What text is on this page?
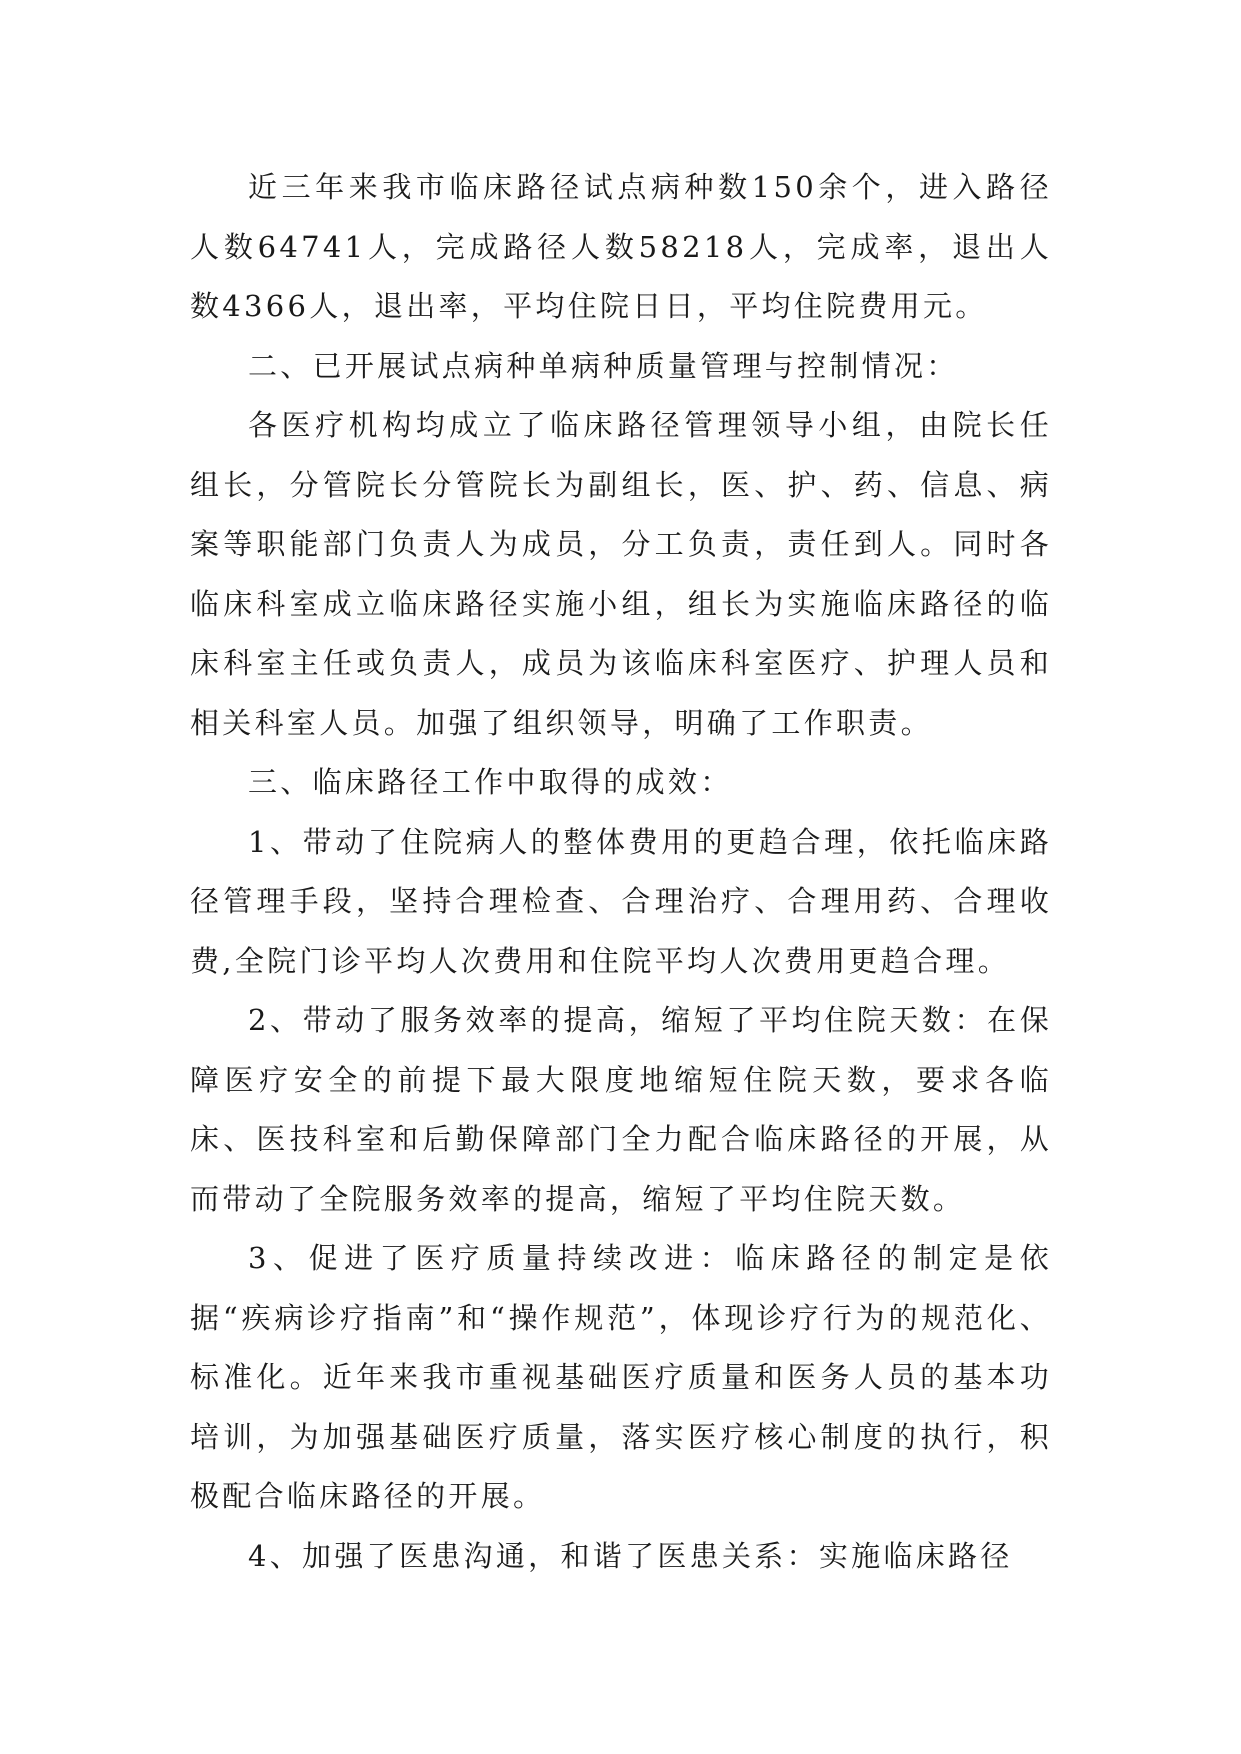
近三年来我市临床路径试点病种数150余个，进入路径人数64741人，完成路径人数58218人，完成率，退出人数4366人，退出率，平均住院日日，平均住院费用元。

二、已开展试点病种单病种质量管理与控制情况：

各医疗机构均成立了临床路径管理领导小组，由院长任组长，分管院长分管院长为副组长，医、护、药、信息、病案等职能部门负责人为成员，分工负责，责任到人。同时各临床科室成立临床路径实施小组，组长为实施临床路径的临床科室主任或负责人，成员为该临床科室医疗、护理人员和相关科室人员。加强了组织领导，明确了工作职责。

三、临床路径工作中取得的成效：

1、带动了住院病人的整体费用的更趋合理，依托临床路径管理手段，坚持合理检查、合理治疗、合理用药、合理收费,全院门诊平均人次费用和住院平均人次费用更趋合理。

2、带动了服务效率的提高，缩短了平均住院天数：在保障医疗安全的前提下最大限度地缩短住院天数，要求各临床、医技科室和后勤保障部门全力配合临床路径的开展，从而带动了全院服务效率的提高，缩短了平均住院天数。

3、促进了医疗质量持续改进：临床路径的制定是依据“疾病诊疗指南”和“操作规范”，体现诊疗行为的规范化、标准化。近年来我市重视基础医疗质量和医务人员的基本功培训，为加强基础医疗质量，落实医疗核心制度的执行，积极配合临床路径的开展。

4、加强了医患沟通，和谐了医患关系：实施临床路径
